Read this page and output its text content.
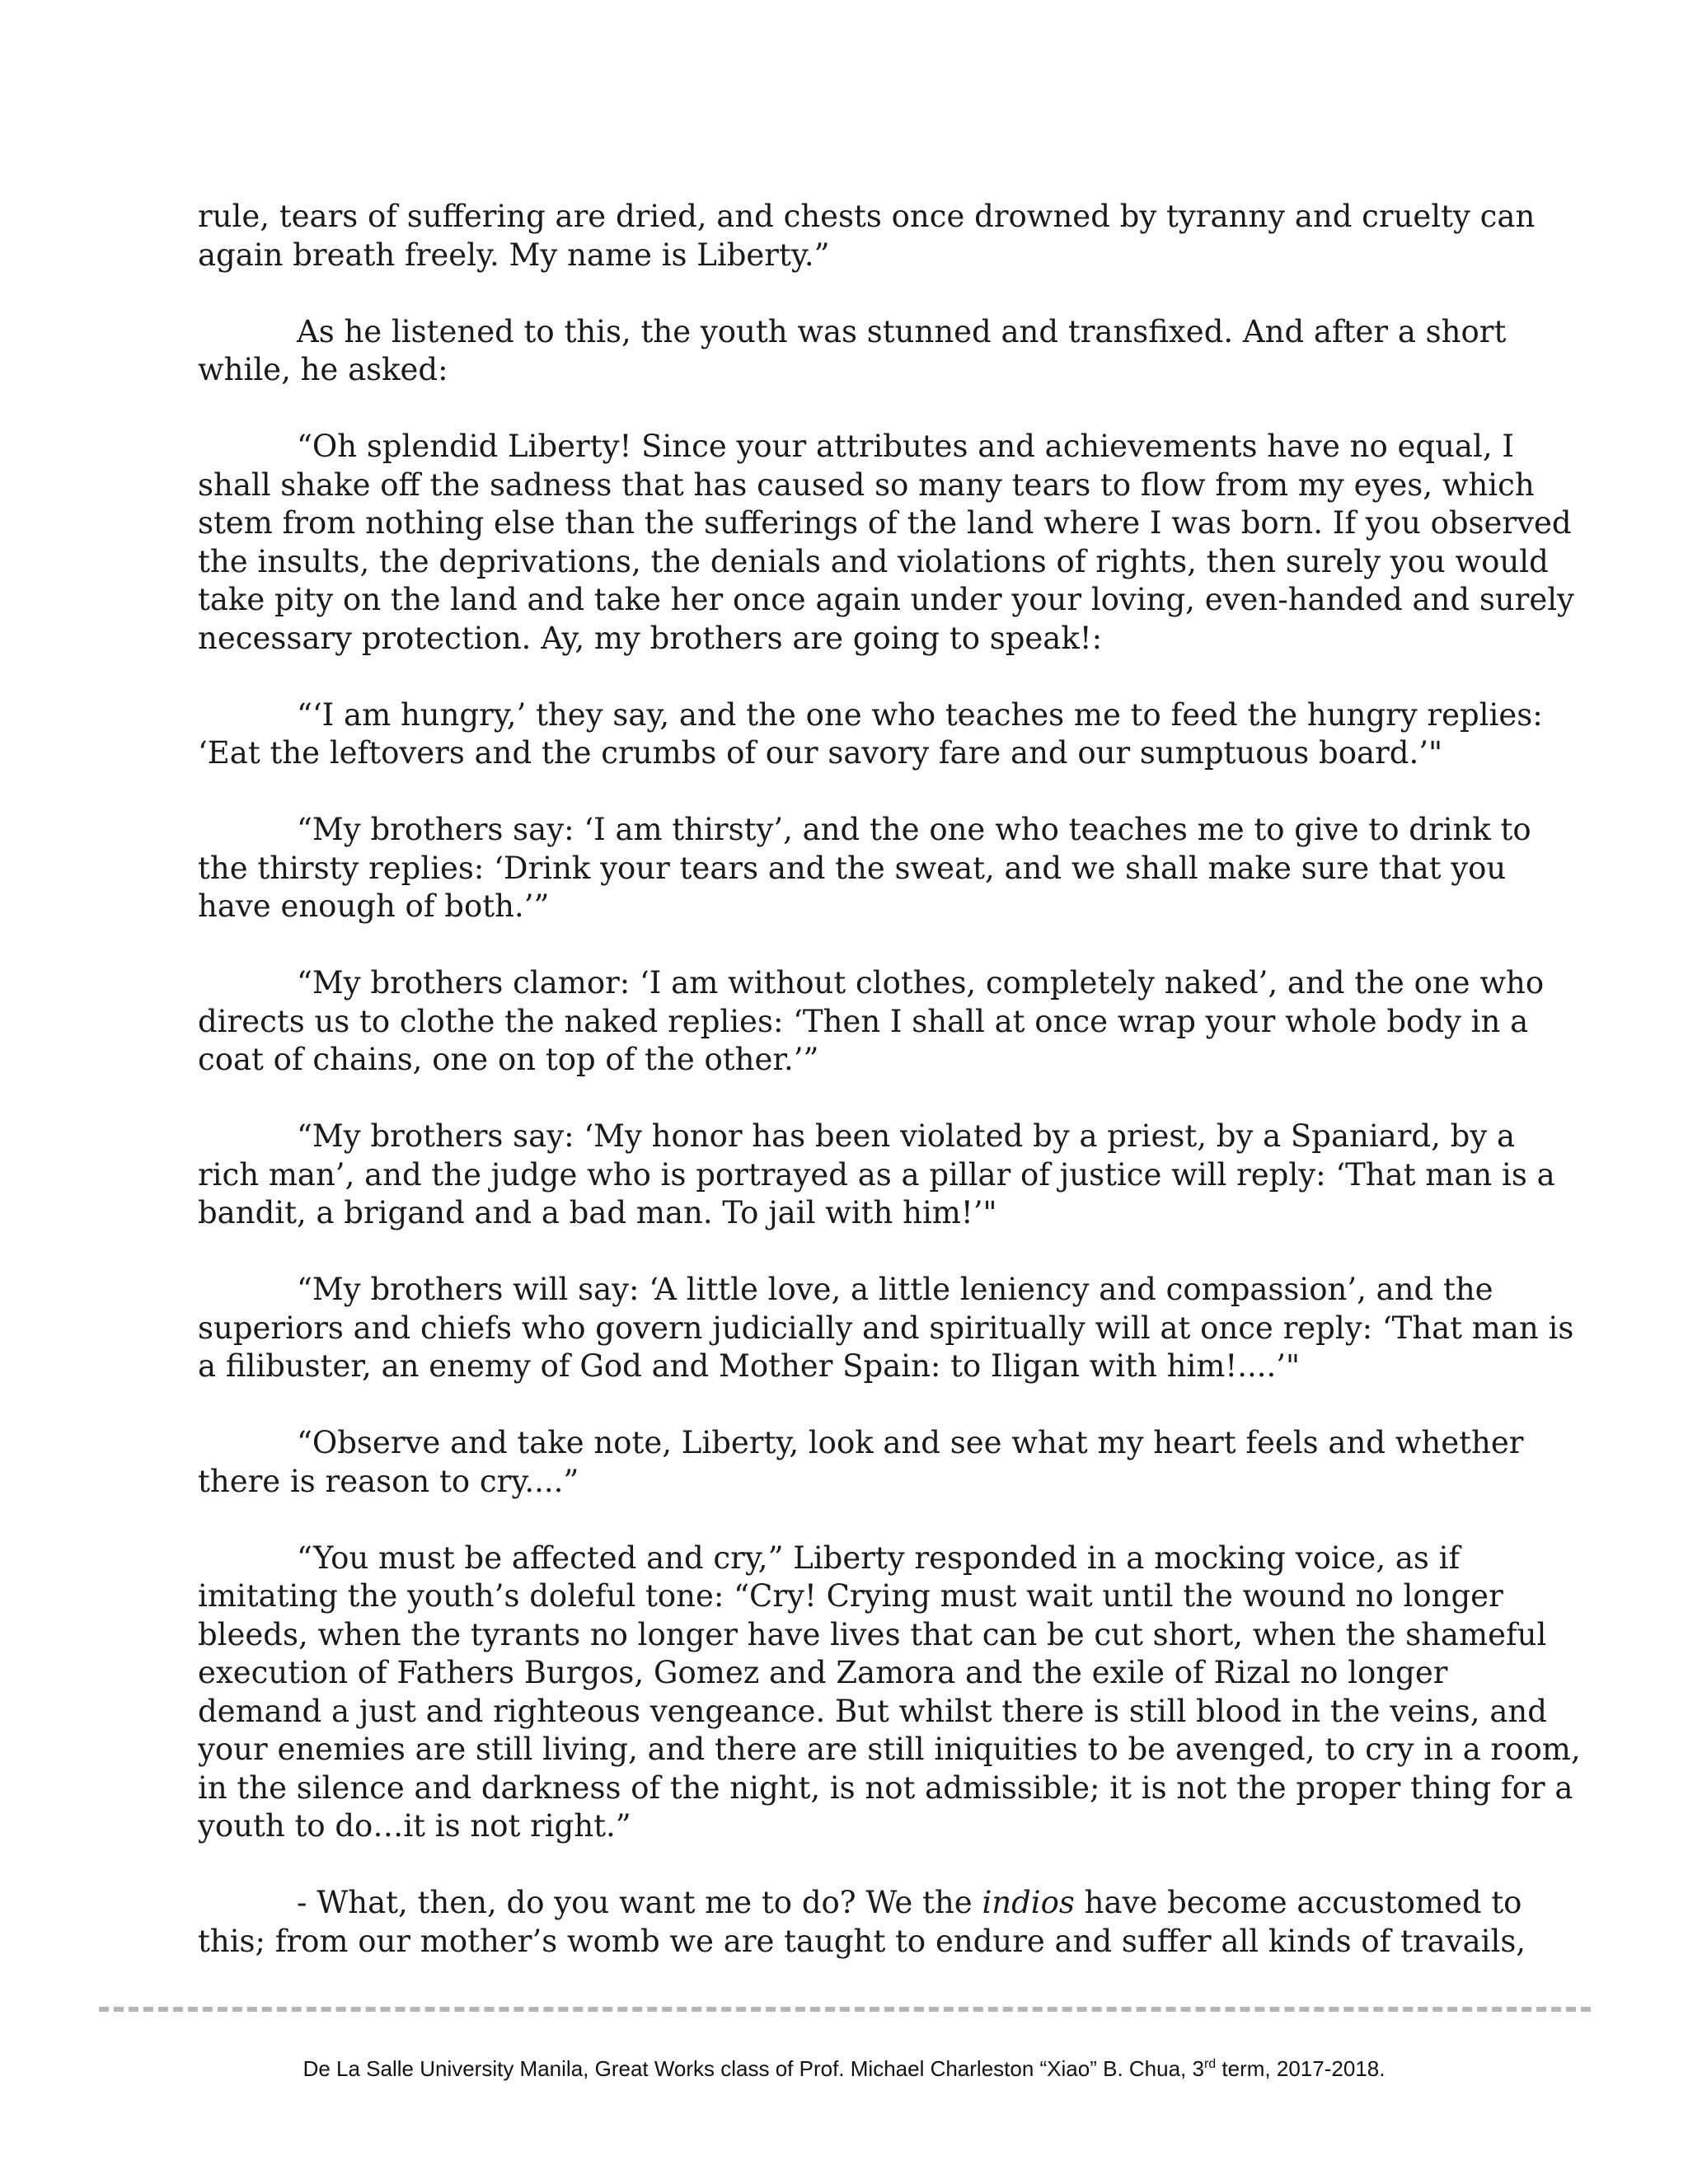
rule, tears of suffering are dried, and chests once drowned by tyranny and cruelty can
again breath freely. My name is Liberty.”

As he listened to this, the youth was stunned and transfixed. And after a short
while, he asked:

“Oh splendid Liberty! Since your attributes and achievements have no equal, I
shall shake off the sadness that has caused so many tears to flow from my eyes, which
stem from nothing else than the sufferings of the land where I was born. If you observed
the insults, the deprivations, the denials and violations of rights, then surely you would
take pity on the land and take her once again under your loving, even-handed and surely
necessary protection. Ay, my brothers are going to speak!:

“‘I am hungry,’ they say, and the one who teaches me to feed the hungry replies:
‘Eat the leftovers and the crumbs of our savory fare and our sumptuous board.’"

“My brothers say: ‘I am thirsty’, and the one who teaches me to give to drink to
the thirsty replies: ‘Drink your tears and the sweat, and we shall make sure that you
have enough of both.’”

“My brothers clamor: ‘I am without clothes, completely naked’, and the one who
directs us to clothe the naked replies: ‘Then I shall at once wrap your whole body in a
coat of chains, one on top of the other.’”

“My brothers say: ‘My honor has been violated by a priest, by a Spaniard, by a
rich man’, and the judge who is portrayed as a pillar of justice will reply: ‘That man is a
bandit, a brigand and a bad man. To jail with him!’"

“My brothers will say: ‘A little love, a little leniency and compassion’, and the
superiors and chiefs who govern judicially and spiritually will at once reply: ‘That man is
a filibuster, an enemy of God and Mother Spain: to Iligan with him!....’"

“Observe and take note, Liberty, look and see what my heart feels and whether
there is reason to cry....”

“You must be affected and cry,” Liberty responded in a mocking voice, as if
imitating the youth’s doleful tone: “Cry! Crying must wait until the wound no longer
bleeds, when the tyrants no longer have lives that can be cut short, when the shameful
execution of Fathers Burgos, Gomez and Zamora and the exile of Rizal no longer
demand a just and righteous vengeance. But whilst there is still blood in the veins, and
your enemies are still living, and there are still iniquities to be avenged, to cry in a room,
in the silence and darkness of the night, is not admissible; it is not the proper thing for a
youth to do…it is not right.”

- What, then, do you want me to do? We the indios have become accustomed to
this; from our mother’s womb we are taught to endure and suffer all kinds of travails,

De La Salle University Manila, Great Works class of Prof. Michael Charleston “Xiao” B. Chua, 3rd term, 2017-2018.
